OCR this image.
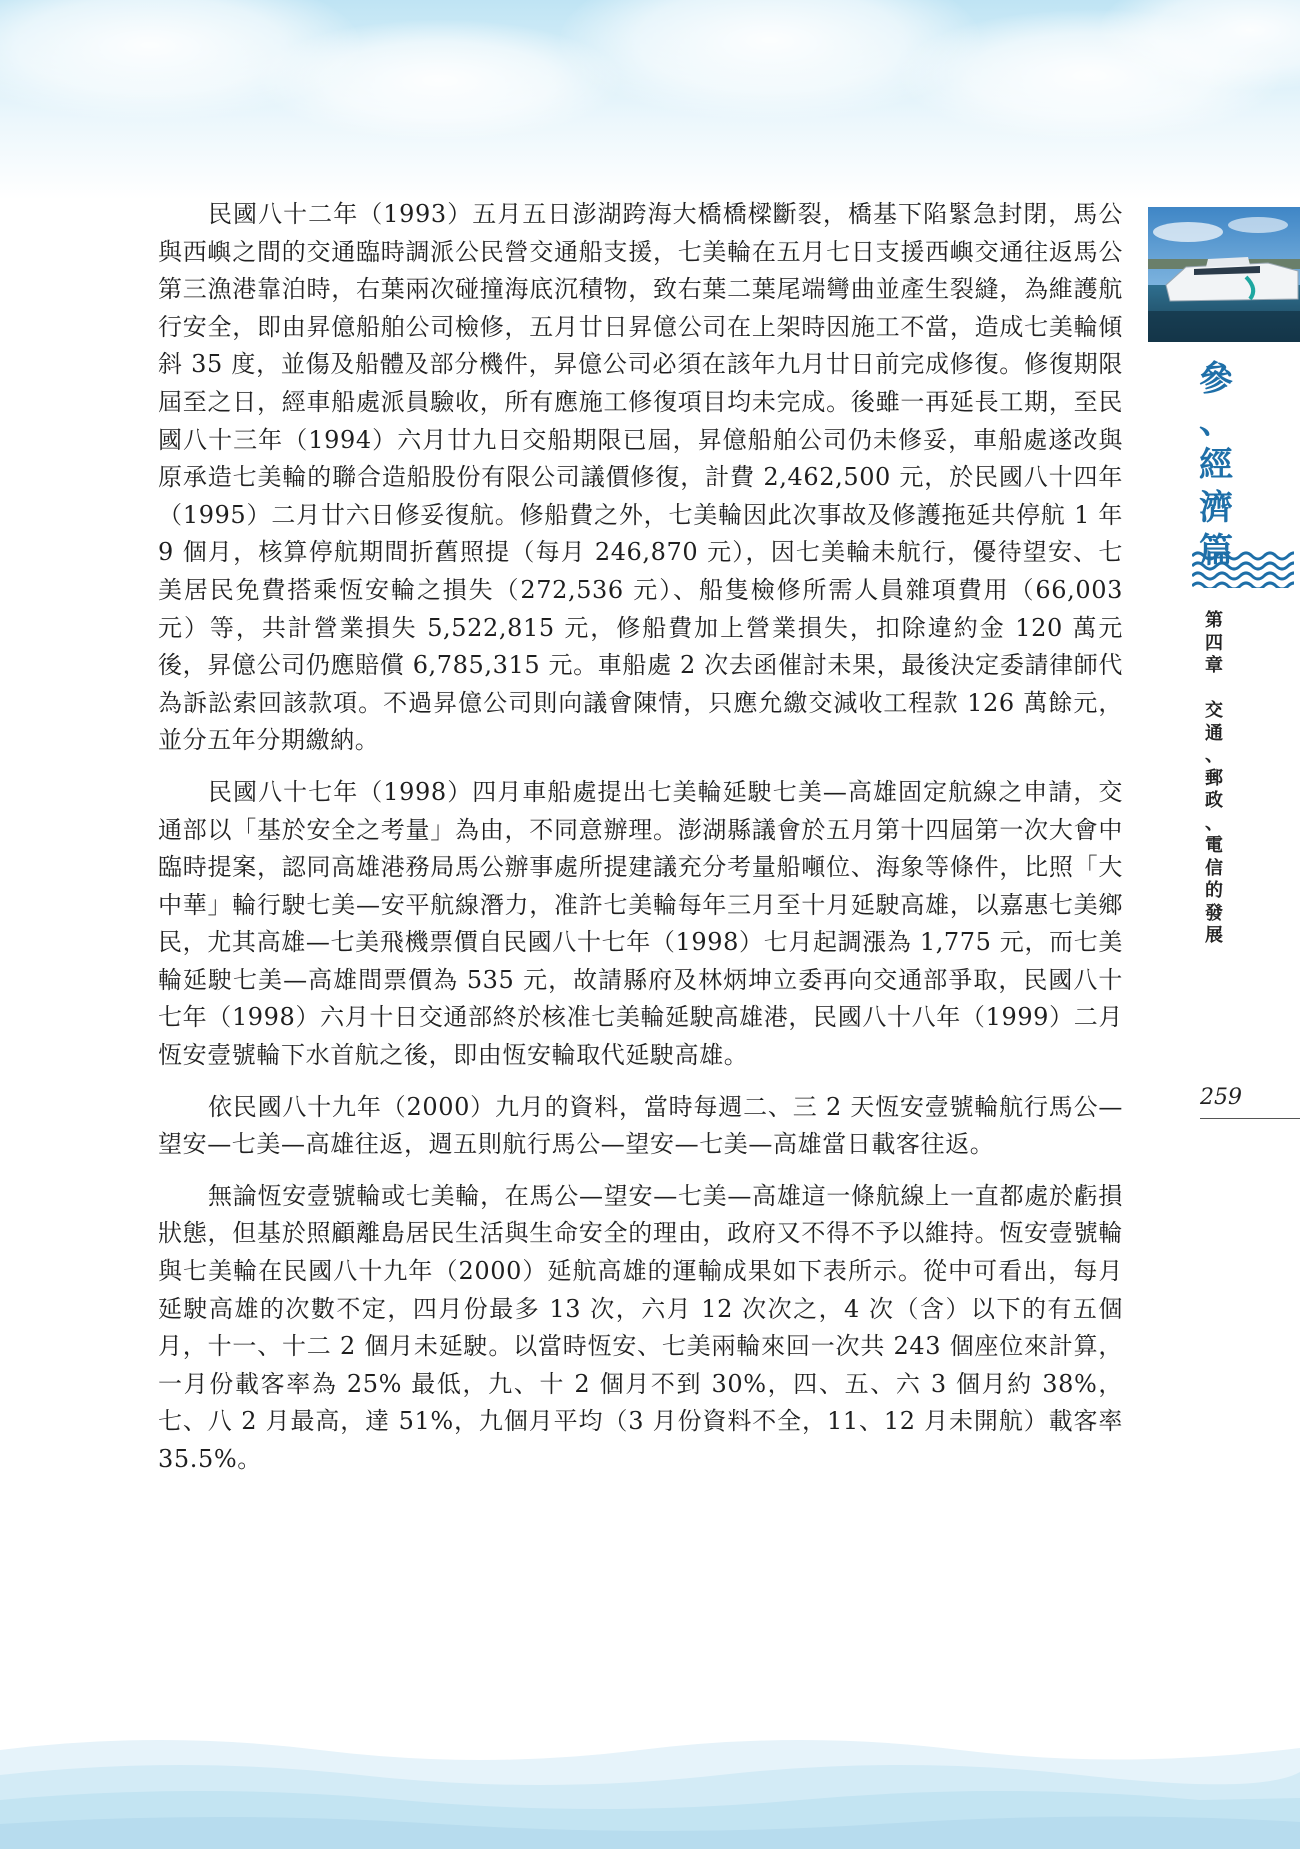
民國八十二年（1993）五月五日澎湖跨海大橋橋樑斷裂，橋基下陷緊急封閉，馬公與西嶼之間的交通臨時調派公民營交通船支援，七美輪在五月七日支援西嶼交通往返馬公第三漁港靠泊時，右葉兩次碰撞海底沉積物，致右葉二葉尾端彎曲並產生裂縫，為維護航行安全，即由昇億船舶公司檢修，五月廿日昇億公司在上架時因施工不當，造成七美輪傾斜 35 度，並傷及船體及部分機件，昇億公司必須在該年九月廿日前完成修復。修復期限屆至之日，經車船處派員驗收，所有應施工修復項目均未完成。後雖一再延長工期，至民國八十三年（1994）六月廿九日交船期限已屆，昇億船舶公司仍未修妥，車船處遂改與原承造七美輪的聯合造船股份有限公司議價修復，計費 2,462,500 元，於民國八十四年（1995）二月廿六日修妥復航。修船費之外，七美輪因此次事故及修護拖延共停航 1 年 9 個月，核算停航期間折舊照提（每月 246,870 元），因七美輪未航行，優待望安、七美居民免費搭乘恆安輪之損失（272,536 元）、船隻檢修所需人員雜項費用（66,003 元）等，共計營業損失 5,522,815 元，修船費加上營業損失，扣除違約金 120 萬元後，昇億公司仍應賠償 6,785,315 元。車船處 2 次去函催討未果，最後決定委請律師代為訴訟索回該款項。不過昇億公司則向議會陳情，只應允繳交減收工程款 126 萬餘元，並分五年分期繳納。

民國八十七年（1998）四月車船處提出七美輪延駛七美—高雄固定航線之申請，交通部以「基於安全之考量」為由，不同意辦理。澎湖縣議會於五月第十四屆第一次大會中臨時提案，認同高雄港務局馬公辦事處所提建議充分考量船噸位、海象等條件，比照「大中華」輪行駛七美—安平航線潛力，准許七美輪每年三月至十月延駛高雄，以嘉惠七美鄉民，尤其高雄—七美飛機票價自民國八十七年（1998）七月起調漲為 1,775 元，而七美輪延駛七美—高雄間票價為 535 元，故請縣府及林炳坤立委再向交通部爭取，民國八十七年（1998）六月十日交通部終於核准七美輪延駛高雄港，民國八十八年（1999）二月恆安壹號輪下水首航之後，即由恆安輪取代延駛高雄。

依民國八十九年（2000）九月的資料，當時每週二、三 2 天恆安壹號輪航行馬公—望安—七美—高雄往返，週五則航行馬公—望安—七美—高雄當日載客往返。

無論恆安壹號輪或七美輪，在馬公—望安—七美—高雄這一條航線上一直都處於虧損狀態，但基於照顧離島居民生活與生命安全的理由，政府又不得不予以維持。恆安壹號輪與七美輪在民國八十九年（2000）延航高雄的運輸成果如下表所示。從中可看出，每月延駛高雄的次數不定，四月份最多 13 次，六月 12 次次之，4 次（含）以下的有五個月，十一、十二 2 個月未延駛。以當時恆安、七美兩輪來回一次共 243 個座位來計算，一月份載客率為 25% 最低，九、十 2 個月不到 30%，四、五、六 3 個月約 38%，七、八 2 月最高，達 51%，九個月平均（3 月份資料不全，11、12 月未開航）載客率 35.5%。

參
、
經
濟
篇
第
四
章

交
通
、
郵
政
、
電
信
的
發
展
259
